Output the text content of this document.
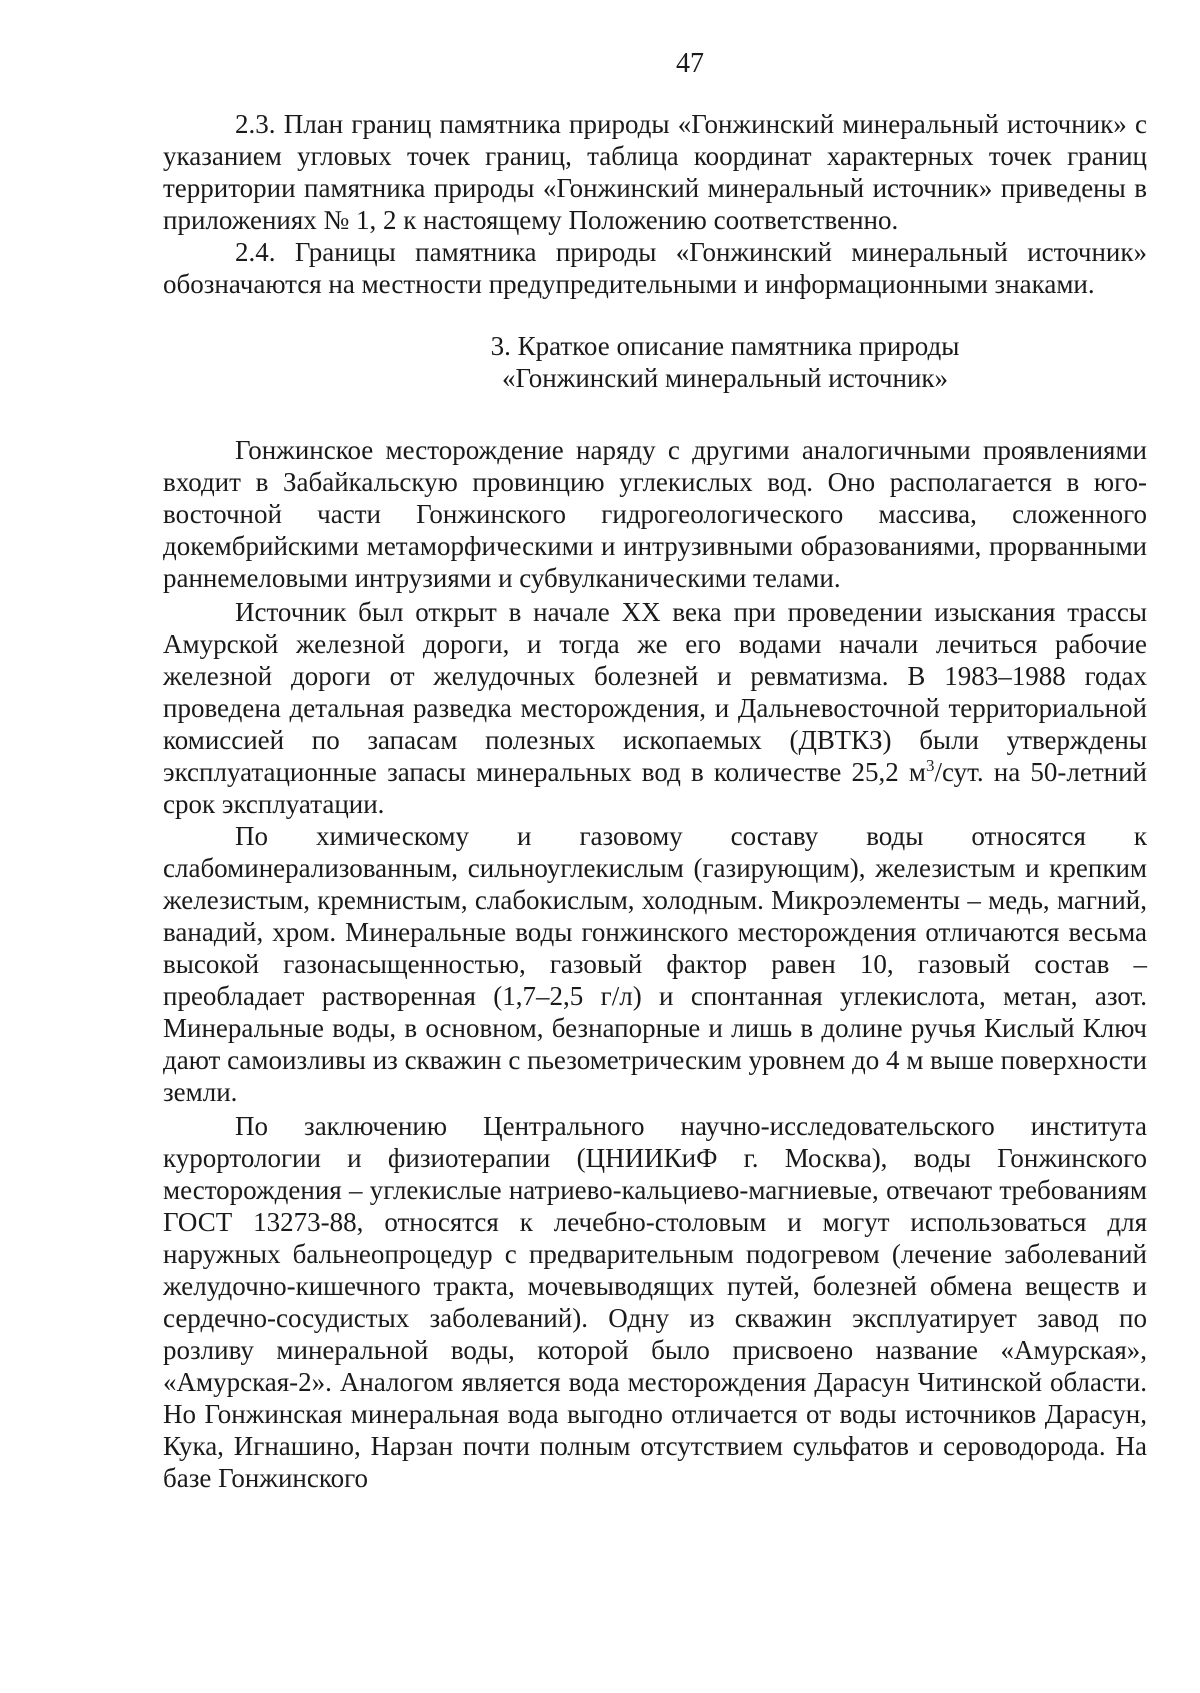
47

2.3. План границ памятника природы «Гонжинский минеральный источник» с указанием угловых точек границ, таблица координат характерных точек границ территории памятника природы «Гонжинский минеральный источник» приведены в приложениях № 1, 2 к настоящему Положению соответственно.

2.4. Границы памятника природы «Гонжинский минеральный источник» обозначаются на местности предупредительными и информационными знаками.

3. Краткое описание памятника природы
«Гонжинский минеральный источник»

Гонжинское месторождение наряду с другими аналогичными проявлениями входит в Забайкальскую провинцию углекислых вод. Оно располагается в юго-восточной части Гонжинского гидрогеологического массива, сложенного докембрийскими метаморфическими и интрузивными образованиями, прорванными раннемеловыми интрузиями и субвулканическими телами.

Источник был открыт в начале XX века при проведении изыскания трассы Амурской железной дороги, и тогда же его водами начали лечиться рабочие железной дороги от желудочных болезней и ревматизма. В 1983–1988 годах проведена детальная разведка месторождения, и Дальневосточной территориальной комиссией по запасам полезных ископаемых (ДВТКЗ) были утверждены эксплуатационные запасы минеральных вод в количестве 25,2 $м^3$/сут. на 50-летний срок эксплуатации.

По химическому и газовому составу воды относятся к слабоминерализованным, сильноуглекислым (газирующим), железистым и крепким железистым, кремнистым, слабокислым, холодным. Микроэлементы – медь, магний, ванадий, хром. Минеральные воды гонжинского месторождения отличаются весьма высокой газонасыщенностью, газовый фактор равен 10, газовый состав – преобладает растворенная (1,7–2,5 г/л) и спонтанная углекислота, метан, азот. Минеральные воды, в основном, безнапорные и лишь в долине ручья Кислый Ключ дают самоизливы из скважин с пьезометрическим уровнем до 4 м выше поверхности земли.

По заключению Центрального научно-исследовательского института курортологии и физиотерапии (ЦНИИКиФ г. Москва), воды Гонжинского месторождения – углекислые натриево-кальциево-магниевые, отвечают требованиям ГОСТ 13273-88, относятся к лечебно-столовым и могут использоваться для наружных бальнеопроцедур с предварительным подогревом (лечение заболеваний желудочно-кишечного тракта, мочевыводящих путей, болезней обмена веществ и сердечно-сосудистых заболеваний). Одну из скважин эксплуатирует завод по розливу минеральной воды, которой было присвоено название «Амурская», «Амурская-2». Аналогом является вода месторождения Дарасун Читинской области. Но Гонжинская минеральная вода выгодно отличается от воды источников Дарасун, Кука, Игнашино, Нарзан почти полным отсутствием сульфатов и сероводорода. На базе Гонжинского
